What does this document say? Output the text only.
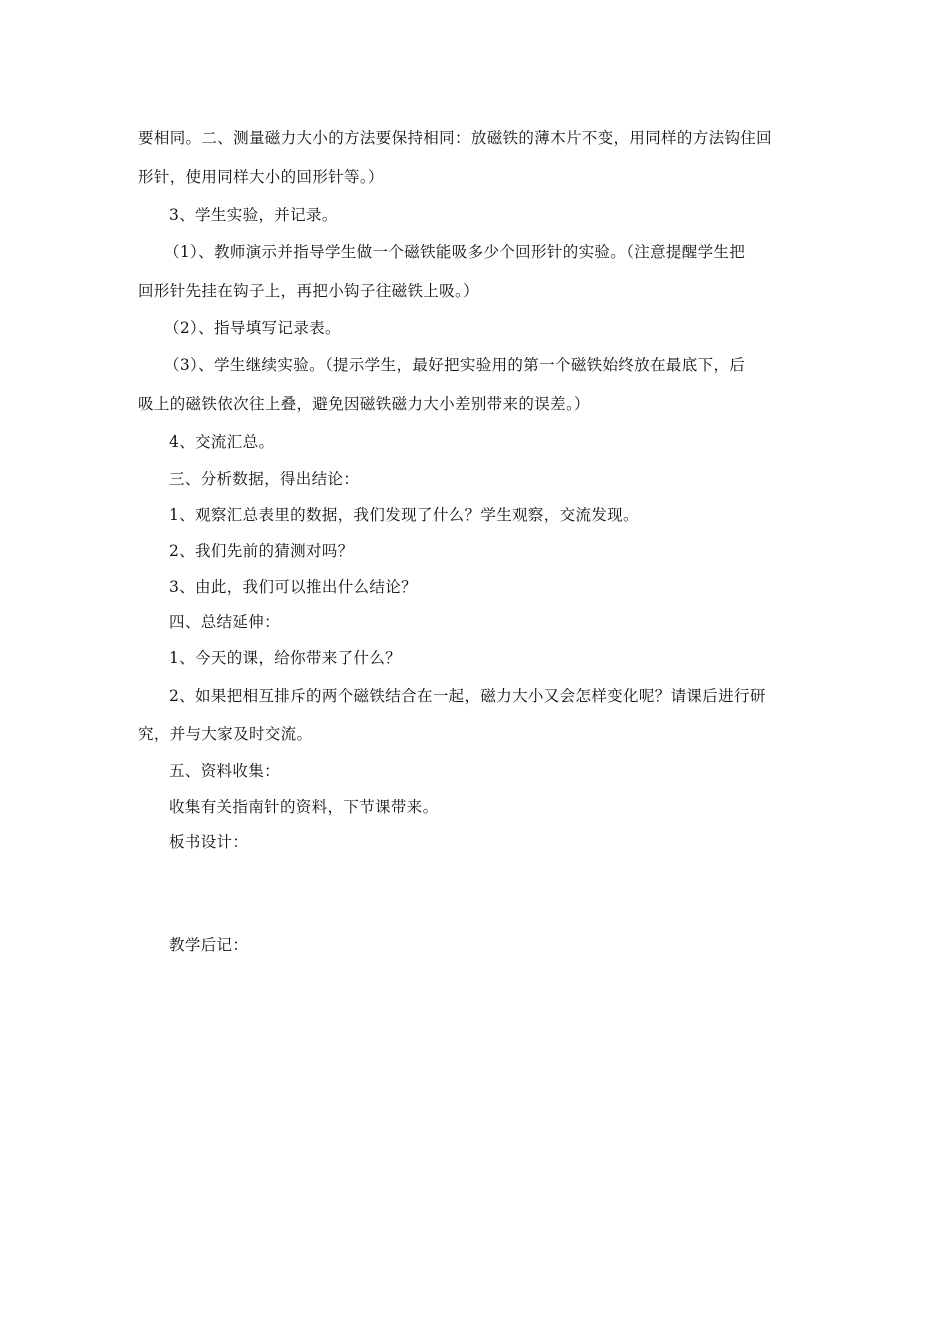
要相同。二、测量磁力大小的方法要保持相同：放磁铁的薄木片不变，用同样的方法钩住回
形针，使用同样大小的回形针等。）
3、学生实验，并记录。
（1）、教师演示并指导学生做一个磁铁能吸多少个回形针的实验。（注意提醒学生把
回形针先挂在钩子上，再把小钩子往磁铁上吸。）
（2）、指导填写记录表。
（3）、学生继续实验。（提示学生，最好把实验用的第一个磁铁始终放在最底下，后
吸上的磁铁依次往上叠，避免因磁铁磁力大小差别带来的误差。）
4、交流汇总。
三、分析数据，得出结论：
1、观察汇总表里的数据，我们发现了什么？学生观察，交流发现。
2、我们先前的猜测对吗？
3、由此，我们可以推出什么结论？
四、总结延伸：
1、今天的课，给你带来了什么？
2、如果把相互排斥的两个磁铁结合在一起，磁力大小又会怎样变化呢？请课后进行研
究，并与大家及时交流。
五、资料收集：
收集有关指南针的资料，下节课带来。
板书设计：
教学后记：
